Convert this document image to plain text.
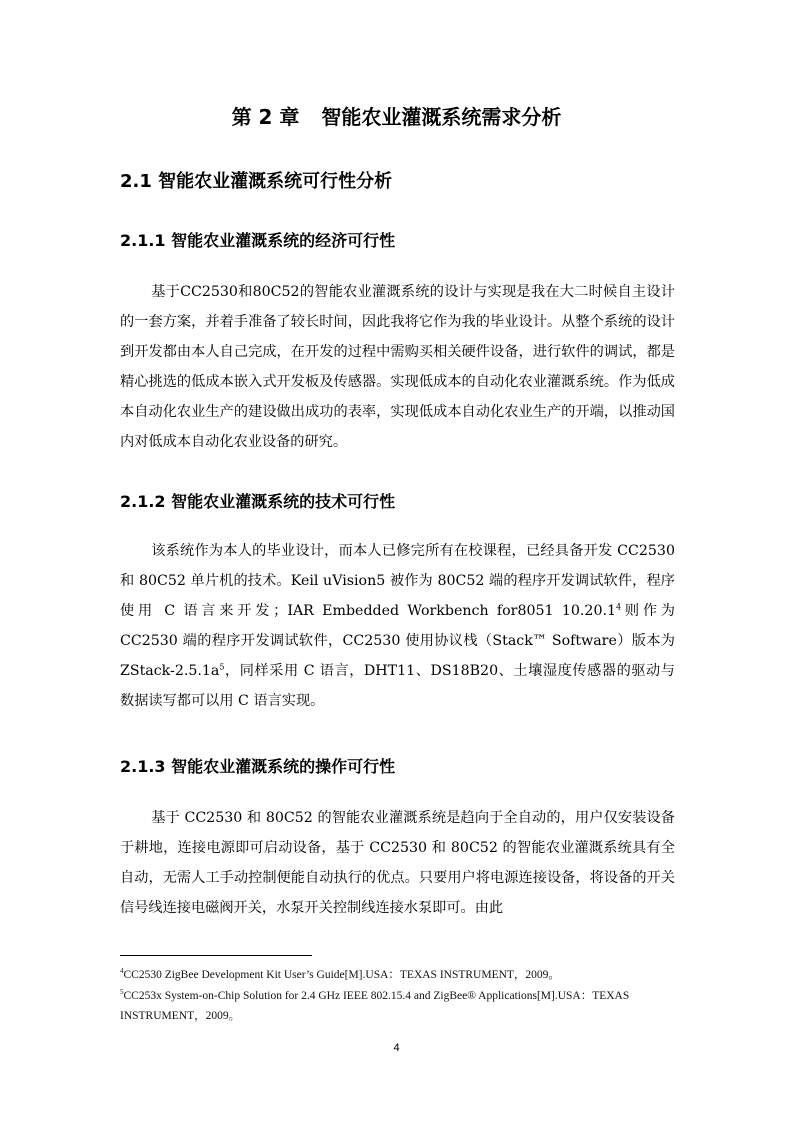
第 2 章 智能农业灌溉系统需求分析
2.1 智能农业灌溉系统可行性分析
2.1.1 智能农业灌溉系统的经济可行性

基于CC2530和80C52的智能农业灌溉系统的设计与实现是我在大二时候自主设计的一套方案，并着手准备了较长时间，因此我将它作为我的毕业设计。从整个系统的设计到开发都由本人自己完成，在开发的过程中需购买相关硬件设备，进行软件的调试，都是精心挑选的低成本嵌入式开发板及传感器。实现低成本的自动化农业灌溉系统。作为低成本自动化农业生产的建设做出成功的表率，实现低成本自动化农业生产的开端，以推动国内对低成本自动化农业设备的研究。

2.1.2 智能农业灌溉系统的技术可行性

该系统作为本人的毕业设计，而本人已修完所有在校课程，已经具备开发 CC2530 和 80C52 单片机的技术。Keil uVision5 被作为 80C52 端的程序开发调试软件，程序使用 C 语言来开发；IAR Embedded Workbench for8051 10.20.1$^4$则作为 CC2530 端的程序开发调试软件，CC2530 使用协议栈（Stack™ Software）版本为 ZStack-2.5.1a$^5$，同样采用 C 语言，DHT11、DS18B20、土壤湿度传感器的驱动与数据读写都可以用 C 语言实现。

2.1.3 智能农业灌溉系统的操作可行性

基于 CC2530 和 80C52 的智能农业灌溉系统是趋向于全自动的，用户仅安装设备于耕地，连接电源即可启动设备，基于 CC2530 和 80C52 的智能农业灌溉系统具有全自动，无需人工手动控制便能自动执行的优点。只要用户将电源连接设备，将设备的开关信号线连接电磁阀开关，水泵开关控制线连接水泵即可。由此

$^4$CC2530 ZigBee Development Kit User’s Guide[M].USA：TEXAS INSTRUMENT，2009。

$^5$CC253x System-on-Chip Solution for 2.4 GHz IEEE 802.15.4 and ZigBee® Applications[M].USA：TEXAS INSTRUMENT，2009。

4
